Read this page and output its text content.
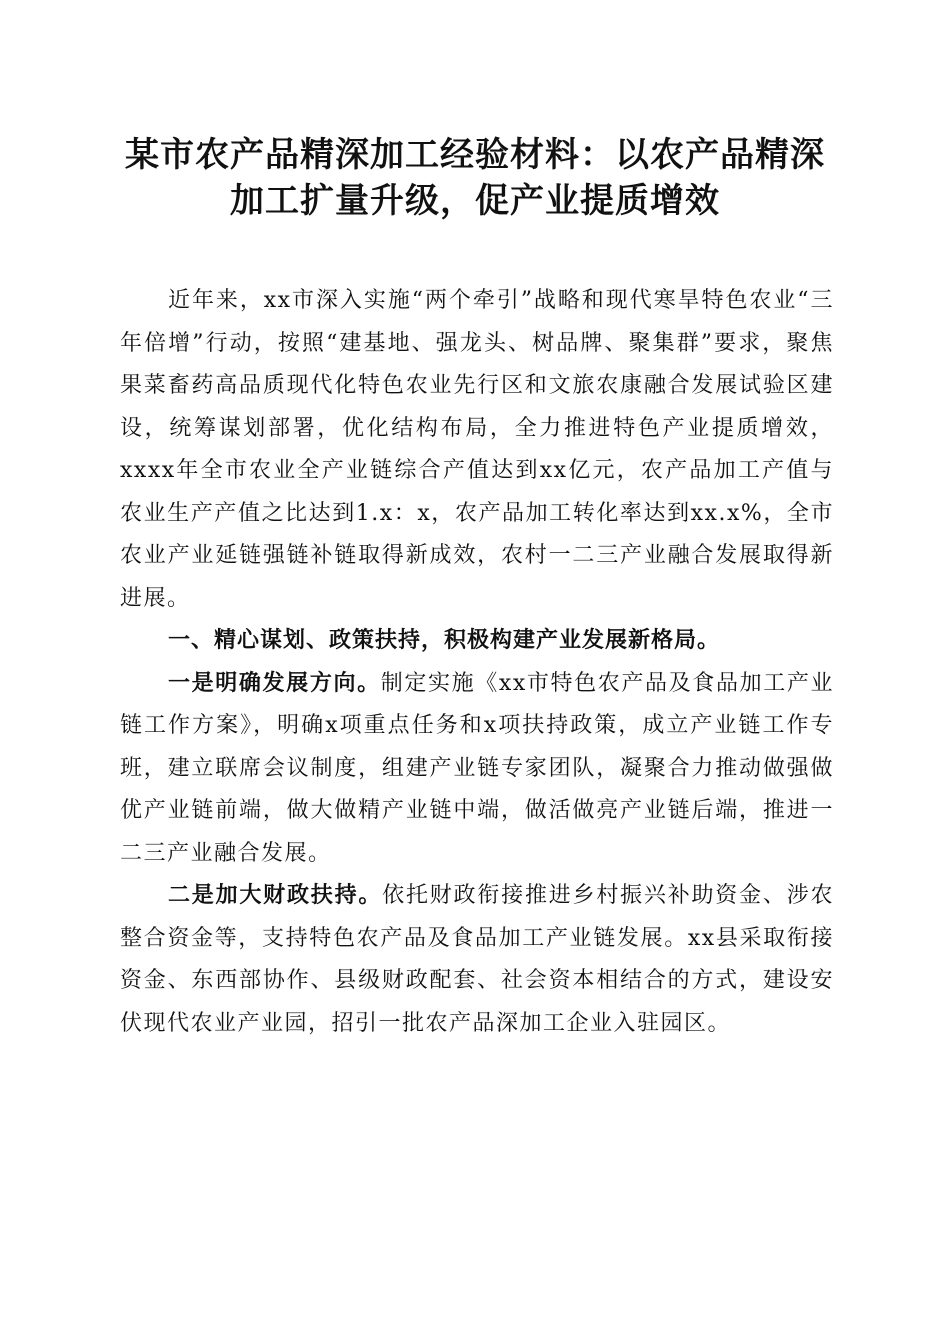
某市农产品精深加工经验材料：以农产品精深
加工扩量升级，促产业提质增效

近年来，xx市深入实施“两个牵引”战略和现代寒旱特色农业“三年倍增”行动，按照“建基地、强龙头、树品牌、聚集群”要求，聚焦果菜畜药高品质现代化特色农业先行区和文旅农康融合发展试验区建设，统筹谋划部署，优化结构布局，全力推进特色产业提质增效，xxxx年全市农业全产业链综合产值达到xx亿元，农产品加工产值与农业生产产值之比达到1.x：x，农产品加工转化率达到xx.x%，全市农业产业延链强链补链取得新成效，农村一二三产业融合发展取得新进展。

一、精心谋划、政策扶持，积极构建产业发展新格局。

一是明确发展方向。制定实施《xx市特色农产品及食品加工产业链工作方案》，明确x项重点任务和x项扶持政策，成立产业链工作专班，建立联席会议制度，组建产业链专家团队，凝聚合力推动做强做优产业链前端，做大做精产业链中端，做活做亮产业链后端，推进一二三产业融合发展。

二是加大财政扶持。依托财政衔接推进乡村振兴补助资金、涉农整合资金等，支持特色农产品及食品加工产业链发展。xx县采取衔接资金、东西部协作、县级财政配套、社会资本相结合的方式，建设安伏现代农业产业园，招引一批农产品深加工企业入驻园区。
